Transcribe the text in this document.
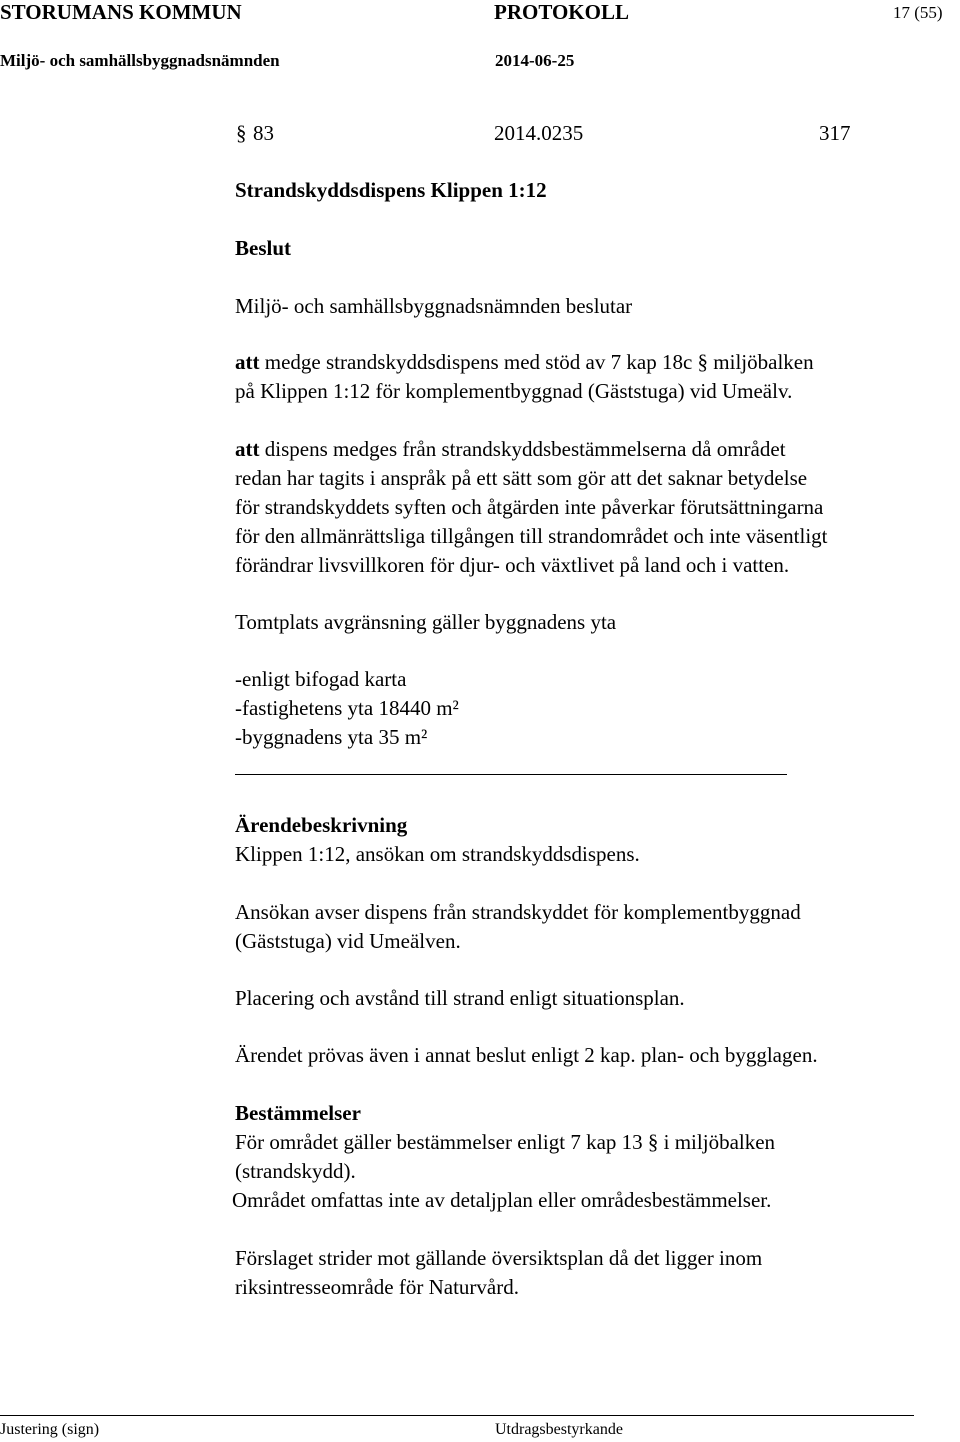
STORUMANS KOMMUN	PROTOKOLL	17 (55)
Miljö- och samhällsbyggnadsnämnden	2014-06-25
§ 83	2014.0235	317
Strandskyddsdispens Klippen 1:12
Beslut
Miljö- och samhällsbyggnadsnämnden beslutar
att medge strandskyddsdispens med stöd av 7 kap 18c § miljöbalken
på Klippen 1:12 för komplementbyggnad (Gäststuga) vid Umeälv.
att dispens medges från strandskyddsbestämmelserna då området
redan har tagits i anspråk på ett sätt som gör att det saknar betydelse
för strandskyddets syften och åtgärden inte påverkar förutsättningarna
för den allmänrättsliga tillgången till strandområdet och inte väsentligt
förändrar livsvillkoren för djur- och växtlivet på land och i vatten.
Tomtplats avgränsning gäller byggnadens yta
-enligt bifogad karta
-fastighetens yta 18440 m²
-byggnadens yta 35 m²
Ärendebeskrivning
Klippen 1:12, ansökan om strandskyddsdispens.
Ansökan avser dispens från strandskyddet för komplementbyggnad
(Gäststuga) vid Umeälven.
Placering och avstånd till strand enligt situationsplan.
Ärendet prövas även i annat beslut enligt 2 kap. plan- och bygglagen.
Bestämmelser
För området gäller bestämmelser enligt 7 kap 13 § i miljöbalken
(strandskydd).
Området omfattas inte av detaljplan eller områdesbestämmelser.
Förslaget strider mot gällande översiktsplan då det ligger inom
riksintresseområde för Naturvård.
Justering (sign)	Utdragsbestyrkande
